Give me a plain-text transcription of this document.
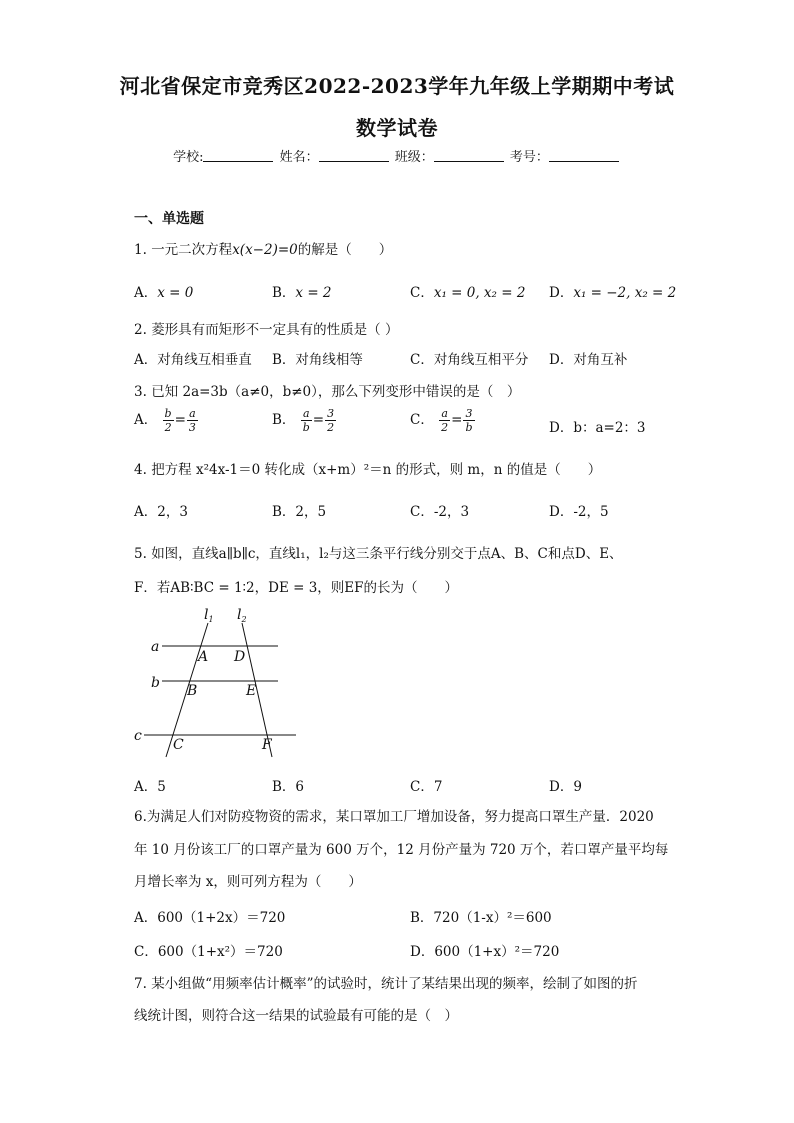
河北省保定市竞秀区2022-2023学年九年级上学期期中考试
数学试卷
学校:	姓名：	班级：	考号：
一、单选题
1. 一元二次方程x(x−2)=0的解是（　　）
A．x = 0	B．x = 2	C．x₁ = 0, x₂ = 2 D．x₁ = −2, x₂ = 2
2. 菱形具有而矩形不一定具有的性质是（ ）
A．对角线互相垂直 B．对角线相等	C．对角线互相平分 D．对角互补
3. 已知 2a=3b（a≠0，b≠0），那么下列变形中错误的是（　）
A． $\frac{b}{2} = \frac{a}{3}$	B． $\frac{a}{b} = \frac{3}{2}$	C． $\frac{a}{2} = \frac{3}{b}$	D．b：a=2：3
4. 把方程 x²4x-1＝0 转化成（x+m）²＝n 的形式，则 m，n 的值是（　　）
A．2，3	B．2，5	C．-2，3	D．-2，5
5. 如图，直线a∥b∥c，直线l₁，l₂与这三条平行线分别交于点A、B、C和点D、E、
F．若AB∶BC = 1∶2，DE = 3，则EF的长为（　　）
a
b
c
$l_1$ $l_2$
A D
B	E
C	F
A．5	B．6	C．7	D．9
6.为满足人们对防疫物资的需求，某口罩加工厂增加设备，努力提高口罩生产量．2020
年 10 月份该工厂的口罩产量为 600 万个，12 月份产量为 720 万个，若口罩产量平均每
月增长率为 x，则可列方程为（　　）
A．600（1+2x）＝720	B．720（1-x）²＝600
C．600（1+x²）＝720	D．600（1+x）²＝720
7. 某小组做“用频率估计概率”的试验时，统计了某结果出现的频率，绘制了如图的折
线统计图，则符合这一结果的试验最有可能的是（　）
